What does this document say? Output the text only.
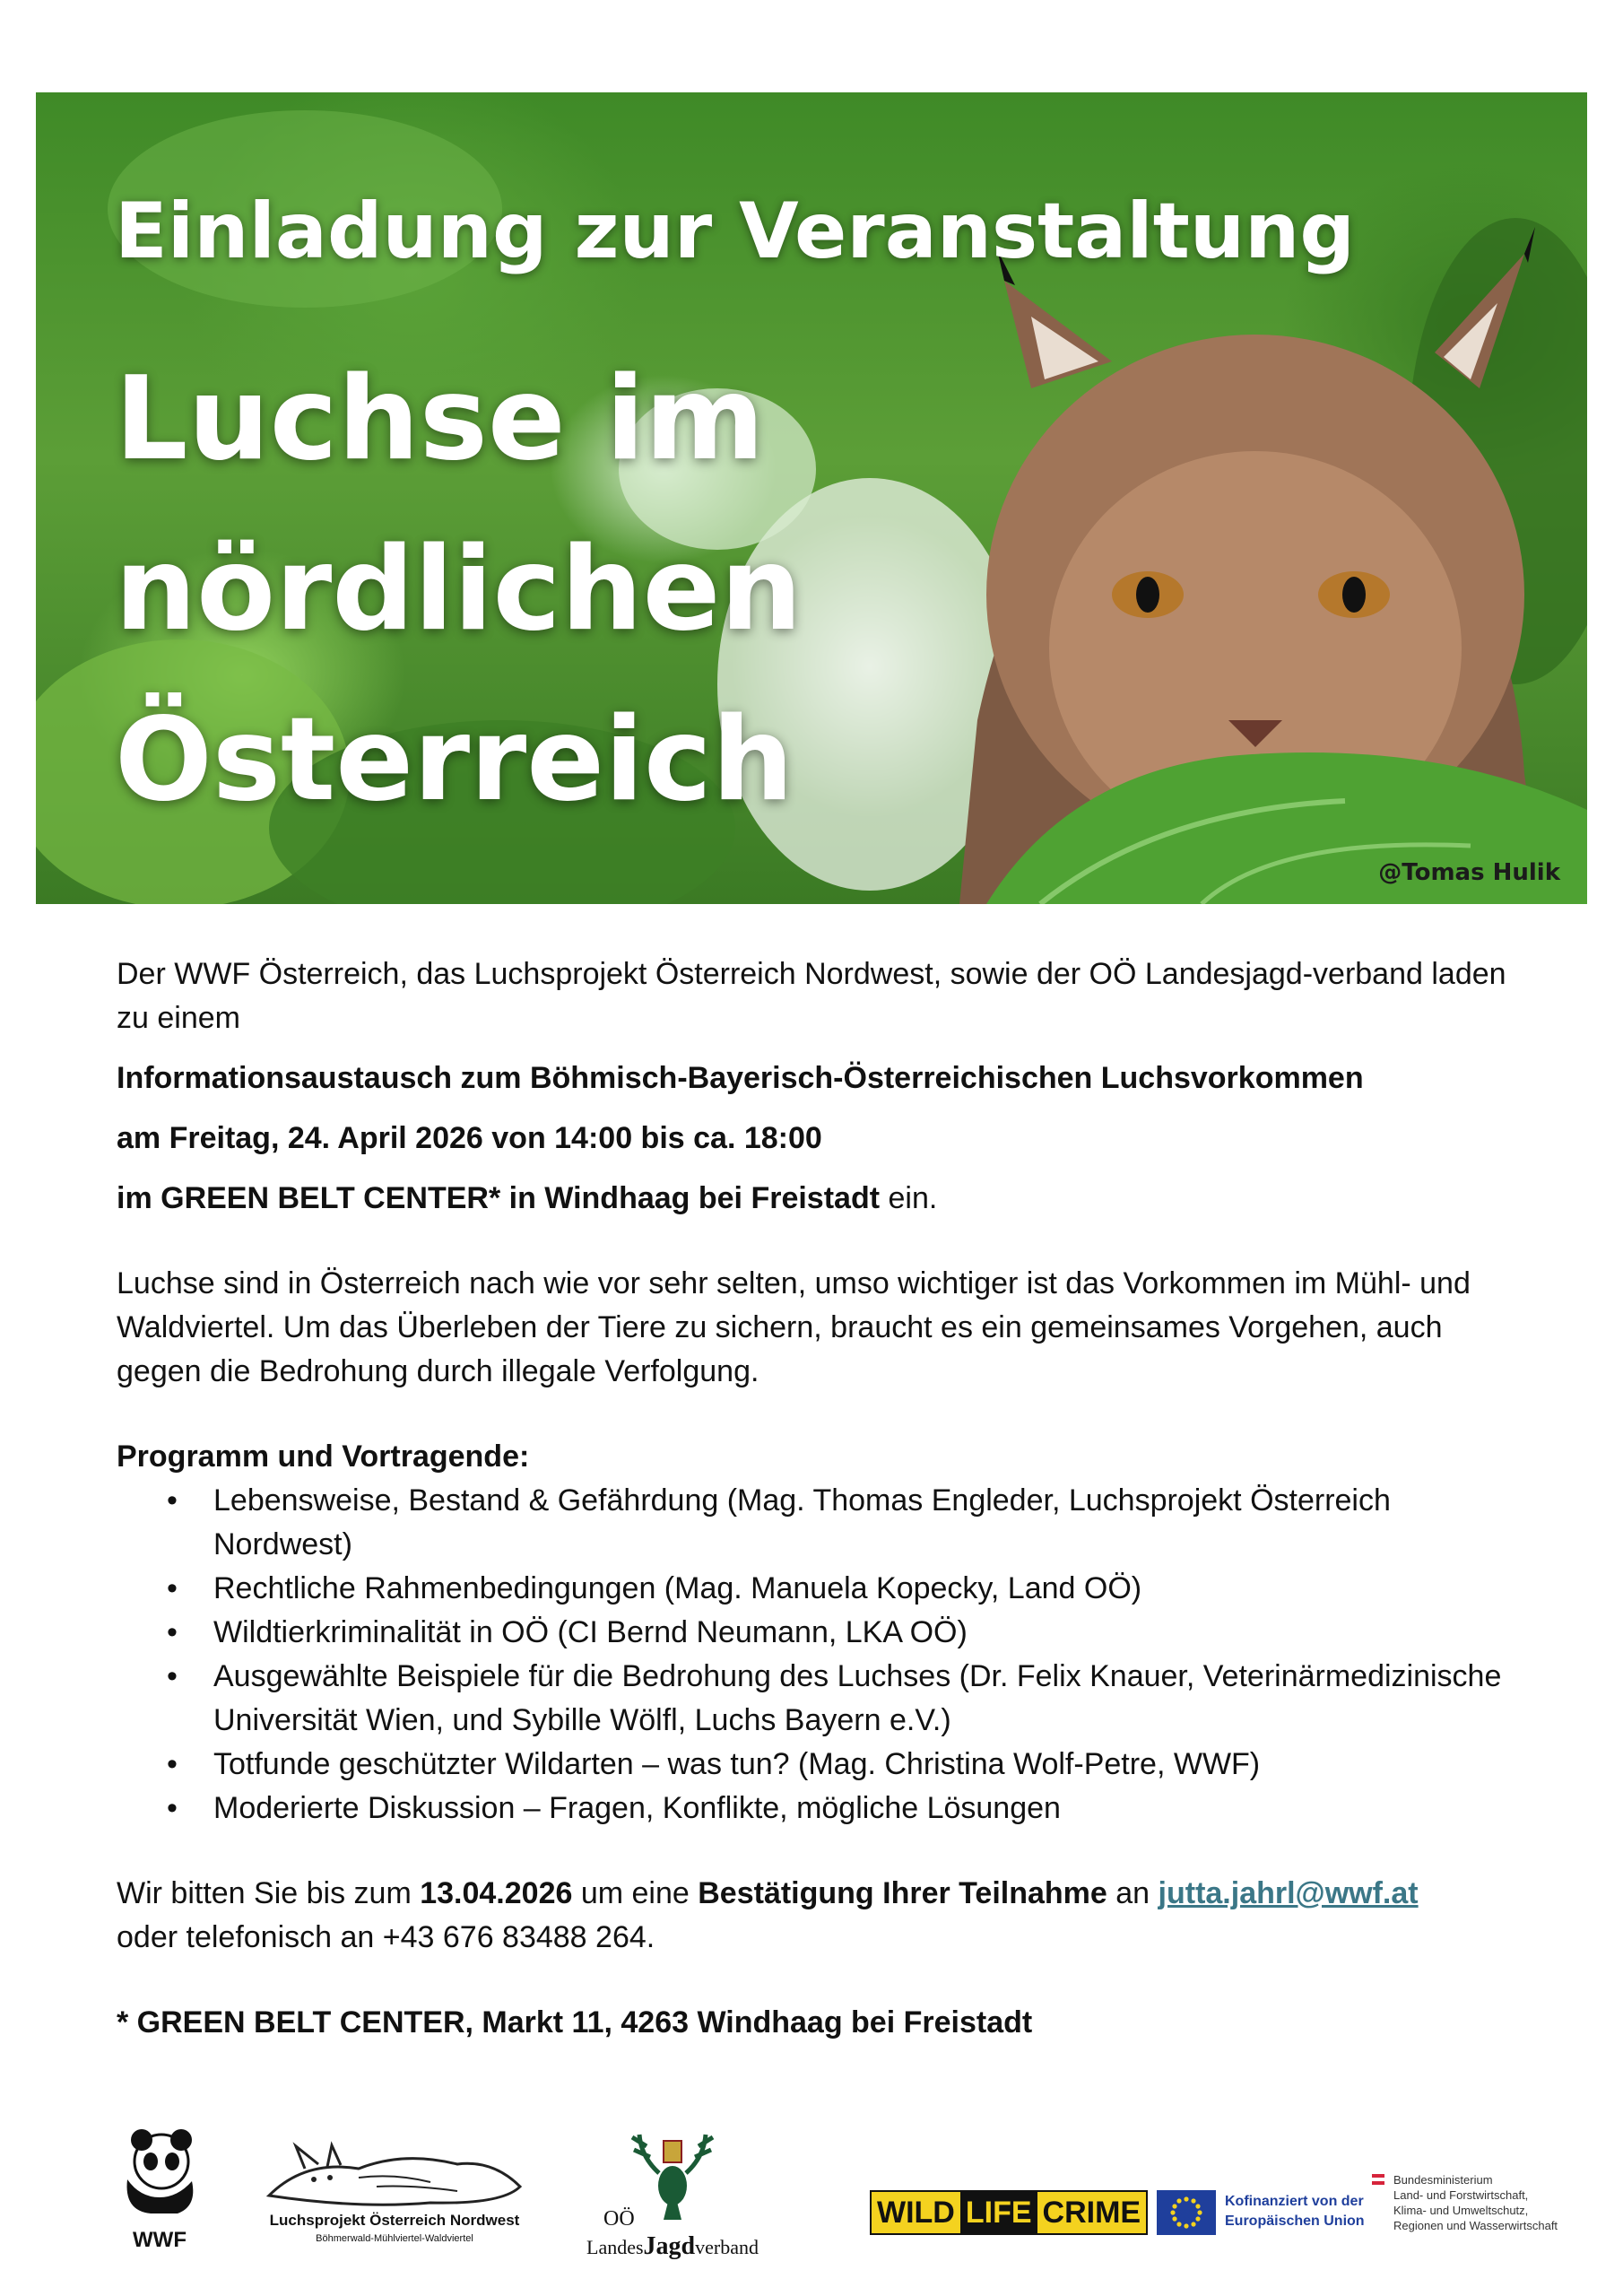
Einladung zur Veranstaltung
Luchse im
nördlichen
Österreich
@Tomas Hulik

Der WWF Österreich, das Luchsprojekt Österreich Nordwest, sowie der OÖ Landesjagd-verband laden zu einem

Informationsaustausch zum Böhmisch-Bayerisch-Österreichischen Luchsvorkommen

am Freitag, 24. April 2026 von 14:00 bis ca. 18:00

im GREEN BELT CENTER* in Windhaag bei Freistadt ein.

Luchse sind in Österreich nach wie vor sehr selten, umso wichtiger ist das Vorkommen im Mühl- und Waldviertel. Um das Überleben der Tiere zu sichern, braucht es ein gemeinsames Vorgehen, auch gegen die Bedrohung durch illegale Verfolgung.

Programm und Vortragende:

• Lebensweise, Bestand & Gefährdung (Mag. Thomas Engleder, Luchsprojekt Österreich Nordwest)
• Rechtliche Rahmenbedingungen (Mag. Manuela Kopecky, Land OÖ)
• Wildtierkriminalität in OÖ (CI Bernd Neumann, LKA OÖ)
• Ausgewählte Beispiele für die Bedrohung des Luchses (Dr. Felix Knauer, Veterinärmedizinische Universität Wien, und Sybille Wölfl, Luchs Bayern e.V.)
• Totfunde geschützter Wildarten – was tun? (Mag. Christina Wolf-Petre, WWF)
• Moderierte Diskussion – Fragen, Konflikte, mögliche Lösungen

Wir bitten Sie bis zum 13.04.2026 um eine Bestätigung Ihrer Teilnahme an jutta.jahrl@wwf.at
oder telefonisch an +43 676 83488 264.

* GREEN BELT CENTER, Markt 11, 4263 Windhaag bei Freistadt

WWF
Luchsprojekt Österreich Nordwest
Böhmerwald-Mühlviertel-Waldviertel
OÖ
LandesJagdverband
WILD LIFE CRIME	Kofinanziert von der
Europäischen Union
Bundesministerium
Land- und Forstwirtschaft,
Klima- und Umweltschutz,
Regionen und Wasserwirtschaft
